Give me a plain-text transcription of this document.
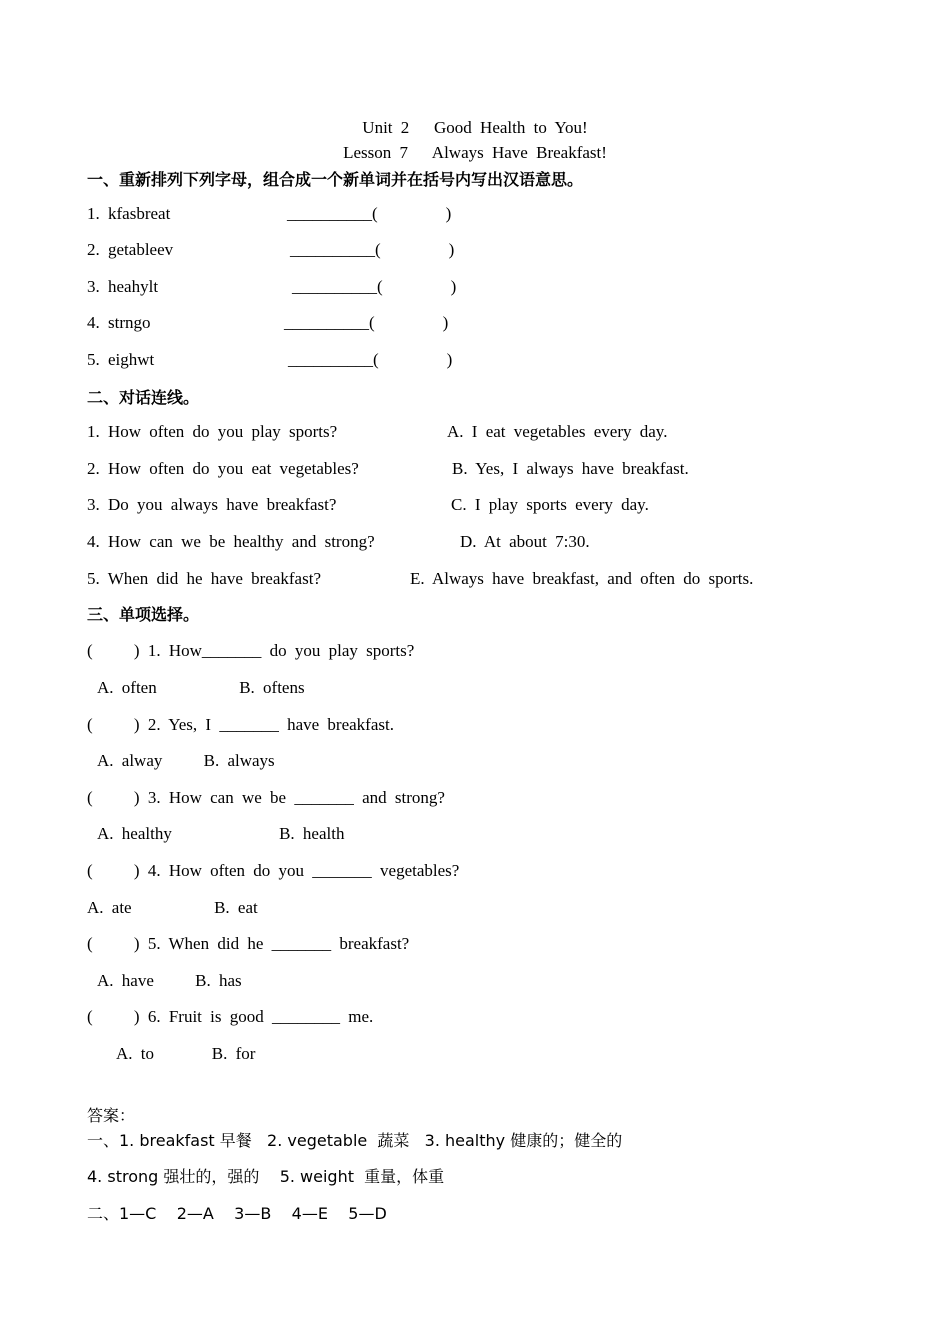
Unit 2   Good Health to You!
Lesson 7   Always Have Breakfast!
一、重新排列下列字母，组合成一个新单词并在括号内写出汉语意思。
1. kfasbreat	__________(                )
2. getableev	__________(                )
3. heahylt	__________(                )
4. strngo	__________(                )
5. eighwt	__________(                )
二、对话连线。
1. How often do you play sports?	A. I eat vegetables every day.
2. How often do you eat vegetables?	B. Yes, I always have breakfast.
3. Do you always have breakfast?	C. I play sports every day.
4. How can we be healthy and strong?	D. At about 7:30.
5. When did he have breakfast?	E. Always have breakfast, and often do sports.
三、单项选择。
(     ) 1. How_______ do you play sports?
A. often          B. oftens
(     ) 2. Yes, I _______ have breakfast.
A. alway     B. always
(     ) 3. How can we be _______ and strong?
A. healthy             B. health
(     ) 4. How often do you _______ vegetables?
A. ate          B. eat
(     ) 5. When did he _______ breakfast?
A. have     B. has
(     ) 6. Fruit is good ________ me.
A. to       B. for
答案：
一、1. breakfast 早餐   2. vegetable  蔬菜   3. healthy 健康的；健全的
4. strong 强壮的，强的    5. weight  重量，体重
二、1—C    2—A    3—B    4—E    5—D
